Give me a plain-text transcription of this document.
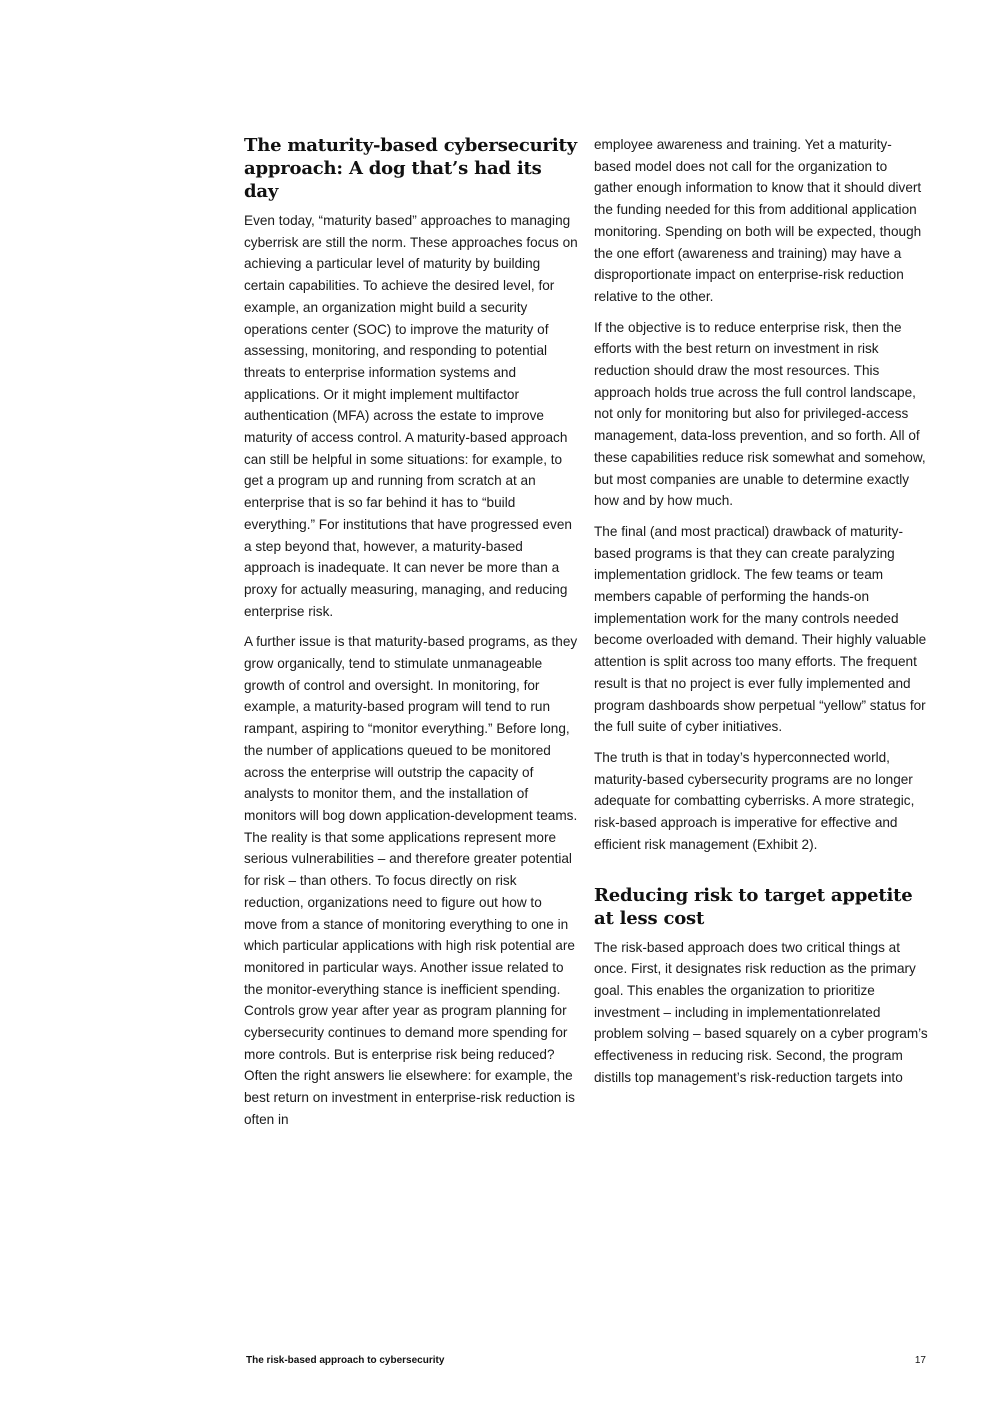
The maturity-based cybersecurity approach: A dog that’s had its day

Even today, “maturity based” approaches to managing cyberrisk are still the norm. These approaches focus on achieving a particular level of maturity by building certain capabilities. To achieve the desired level, for example, an organization might build a security operations center (SOC) to improve the maturity of assessing, monitoring, and responding to potential threats to enterprise information systems and applications. Or it might implement multifactor authentication (MFA) across the estate to improve maturity of access control. A maturity-based approach can still be helpful in some situations: for example, to get a program up and running from scratch at an enterprise that is so far behind it has to “build everything.” For institutions that have progressed even a step beyond that, however, a maturity-based approach is inadequate. It can never be more than a proxy for actually measuring, managing, and reducing enterprise risk.

A further issue is that maturity-based programs, as they grow organically, tend to stimulate unmanageable growth of control and oversight. In monitoring, for example, a maturity-based program will tend to run rampant, aspiring to “monitor everything.” Before long, the number of applications queued to be monitored across the enterprise will outstrip the capacity of analysts to monitor them, and the installation of monitors will bog down application-development teams. The reality is that some applications represent more serious vulnerabilities – and therefore greater potential for risk – than others. To focus directly on risk reduction, organizations need to figure out how to move from a stance of monitoring everything to one in which particular applications with high risk potential are monitored in particular ways. Another issue related to the monitor-everything stance is inefficient spending. Controls grow year after year as program planning for cybersecurity continues to demand more spending for more controls. But is enterprise risk being reduced? Often the right answers lie elsewhere: for example, the best return on investment in enterprise-risk reduction is often in

employee awareness and training. Yet a maturity-based model does not call for the organization to gather enough information to know that it should divert the funding needed for this from additional application monitoring. Spending on both will be expected, though the one effort (awareness and training) may have a disproportionate impact on enterprise-risk reduction relative to the other.

If the objective is to reduce enterprise risk, then the efforts with the best return on investment in risk reduction should draw the most resources. This approach holds true across the full control landscape, not only for monitoring but also for privileged-access management, data-loss prevention, and so forth. All of these capabilities reduce risk somewhat and somehow, but most companies are unable to determine exactly how and by how much.

The final (and most practical) drawback of maturity-based programs is that they can create paralyzing implementation gridlock. The few teams or team members capable of performing the hands-on implementation work for the many controls needed become overloaded with demand. Their highly valuable attention is split across too many efforts. The frequent result is that no project is ever fully implemented and program dashboards show perpetual “yellow” status for the full suite of cyber initiatives.

The truth is that in today’s hyperconnected world, maturity-based cybersecurity programs are no longer adequate for combatting cyberrisks. A more strategic, risk-based approach is imperative for effective and efficient risk management (Exhibit 2).

Reducing risk to target appetite at less cost

The risk-based approach does two critical things at once. First, it designates risk reduction as the primary goal. This enables the organization to prioritize investment – including in implementationrelated problem solving – based squarely on a cyber program’s effectiveness in reducing risk. Second, the program distills top management’s risk-reduction targets into

The risk-based approach to cybersecurity	17
